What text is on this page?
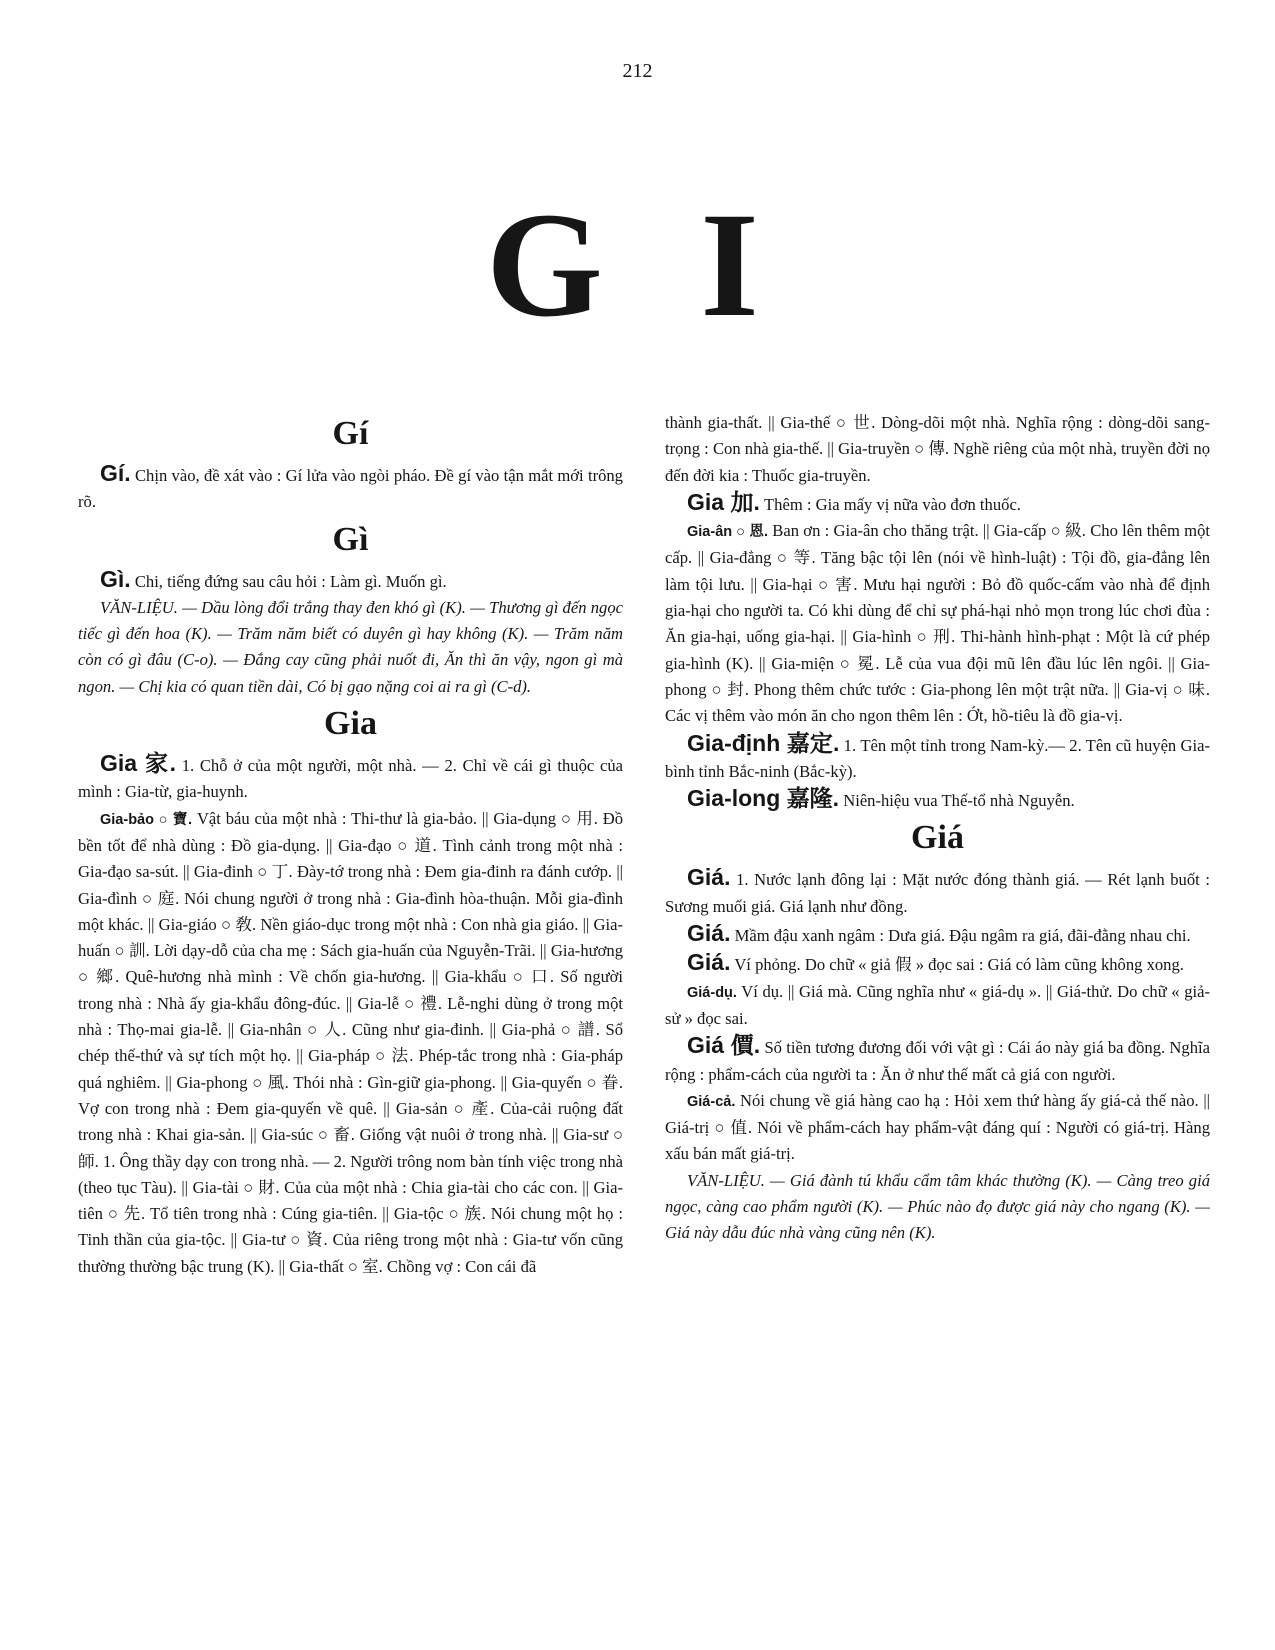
212
G I
Gí

Gí. Chịn vào, đề xát vào : Gí lửa vào ngòi pháo. Đề gí vào tận mắt mới trông rõ.

Gì

Gì. Chi, tiếng đứng sau câu hỏi : Làm gì. Muốn gì.

VĂN-LIỆU. — Dầu lòng đổi trắng thay đen khó gì (K). — Thương gì đến ngọc tiếc gì đến hoa (K). — Trăm năm biết có duyên gì hay không (K). — Trăm năm còn có gì đâu (C-o). — Đắng cay cũng phải nuốt đi, Ăn thì ăn vậy, ngon gì mà ngon. — Chị kia có quan tiền dài, Có bị gạo nặng coi ai ra gì (C-d).

Gia

Gia 家. 1. Chỗ ở của một người, một nhà. — 2. Chỉ về cái gì thuộc của mình : Gia-từ, gia-huynh.

Gia-bảo ○ 寶. Vật báu của một nhà : Thi-thư là gia-bảo. || Gia-dụng ○ 用. Đồ bền tốt để nhà dùng : Đồ gia-dụng. || Gia-đạo ○ 道. Tình cảnh trong một nhà : Gia-đạo sa-sút. || Gia-đinh ○ 丁. Đày-tớ trong nhà : Đem gia-đinh ra đánh cướp. || Gia-đình ○ 庭. Nói chung người ở trong nhà : Gia-đình hòa-thuận. Mỗi gia-đình một khác. || Gia-giáo ○ 敎. Nền giáo-dục trong một nhà : Con nhà gia giáo. || Gia-huấn ○ 訓. Lời dạy-dỗ của cha mẹ : Sách gia-huấn của Nguyễn-Trãi. || Gia-hương ○ 鄉. Quê-hương nhà mình : Về chốn gia-hương. || Gia-khẩu ○ 口. Số người trong nhà : Nhà ấy gia-khẩu đông-đúc. || Gia-lễ ○ 禮. Lễ-nghi dùng ở trong một nhà : Thọ-mai gia-lễ. || Gia-nhân ○ 人. Cũng như gia-đinh. || Gia-phả ○ 譜. Sổ chép thế-thứ và sự tích một họ. || Gia-pháp ○ 法. Phép-tắc trong nhà : Gia-pháp quá nghiêm. || Gia-phong ○ 風. Thói nhà : Gìn-giữ gia-phong. || Gia-quyến ○ 眷. Vợ con trong nhà : Đem gia-quyến về quê. || Gia-sản ○ 產. Của-cải ruộng đất trong nhà : Khai gia-sản. || Gia-súc ○ 畜. Giống vật nuôi ở trong nhà. || Gia-sư ○ 師. 1. Ông thầy dạy con trong nhà. — 2. Người trông nom bàn tính việc trong nhà (theo tục Tàu). || Gia-tài ○ 財. Của của một nhà : Chia gia-tài cho các con. || Gia-tiên ○ 先. Tổ tiên trong nhà : Cúng gia-tiên. || Gia-tộc ○ 族. Nói chung một họ : Tinh thần của gia-tộc. || Gia-tư ○ 資. Của riêng trong một nhà : Gia-tư vốn cũng thường thường bậc trung (K). || Gia-thất ○ 室. Chồng vợ : Con cái đã

thành gia-thất. || Gia-thế ○ 世. Dòng-dõi một nhà. Nghĩa rộng : dòng-dõi sang-trọng : Con nhà gia-thế. || Gia-truyền ○ 傳. Nghề riêng của một nhà, truyền đời nọ đến đời kia : Thuốc gia-truyền.

Gia 加. Thêm : Gia mấy vị nữa vào đơn thuốc.

Gia-ân ○ 恩. Ban ơn : Gia-ân cho thăng trật. || Gia-cấp ○ 級. Cho lên thêm một cấp. || Gia-đẳng ○ 等. Tăng bậc tội lên (nói về hình-luật) : Tội đồ, gia-đẳng lên làm tội lưu. || Gia-hại ○ 害. Mưu hại người : Bỏ đồ quốc-cấm vào nhà để định gia-hại cho người ta. Có khi dùng để chỉ sự phá-hại nhỏ mọn trong lúc chơi đùa : Ăn gia-hại, uống gia-hại. || Gia-hình ○ 刑. Thi-hành hình-phạt : Một là cứ phép gia-hình (K). || Gia-miện ○ 冕. Lễ của vua đội mũ lên đầu lúc lên ngôi. || Gia-phong ○ 封. Phong thêm chức tước : Gia-phong lên một trật nữa. || Gia-vị ○ 味. Các vị thêm vào món ăn cho ngon thêm lên : Ớt, hồ-tiêu là đồ gia-vị.

Gia-định 嘉定. 1. Tên một tỉnh trong Nam-kỳ.— 2. Tên cũ huyện Gia-bình tỉnh Bắc-ninh (Bắc-kỳ).

Gia-long 嘉隆. Niên-hiệu vua Thế-tổ nhà Nguyễn.

Giá

Giá. 1. Nước lạnh đông lại : Mặt nước đóng thành giá. — Rét lạnh buốt : Sương muối giá. Giá lạnh như đồng.

Giá. Mầm đậu xanh ngâm : Dưa giá. Đậu ngâm ra giá, đãi-đằng nhau chi.

Giá. Ví phỏng. Do chữ « giả 假 » đọc sai : Giá có làm cũng không xong.

Giá-dụ. Ví dụ. || Giá mà. Cũng nghĩa như « giá-dụ ». || Giá-thử. Do chữ « giả-sử » đọc sai.

Giá 價. Số tiền tương đương đối với vật gì : Cái áo này giá ba đồng. Nghĩa rộng : phẩm-cách của người ta : Ăn ở như thế mất cả giá con người.

Giá-cả. Nói chung về giá hàng cao hạ : Hỏi xem thứ hàng ấy giá-cả thế nào. || Giá-trị ○ 值. Nói về phẩm-cách hay phẩm-vật đáng quí : Người có giá-trị. Hàng xấu bán mất giá-trị.

VĂN-LIỆU. — Giá đành tú khẩu cẩm tâm khác thường (K). — Càng treo giá ngọc, càng cao phẩm người (K). — Phúc nào đọ được giá này cho ngang (K). — Giá này dẫu đúc nhà vàng cũng nên (K).
